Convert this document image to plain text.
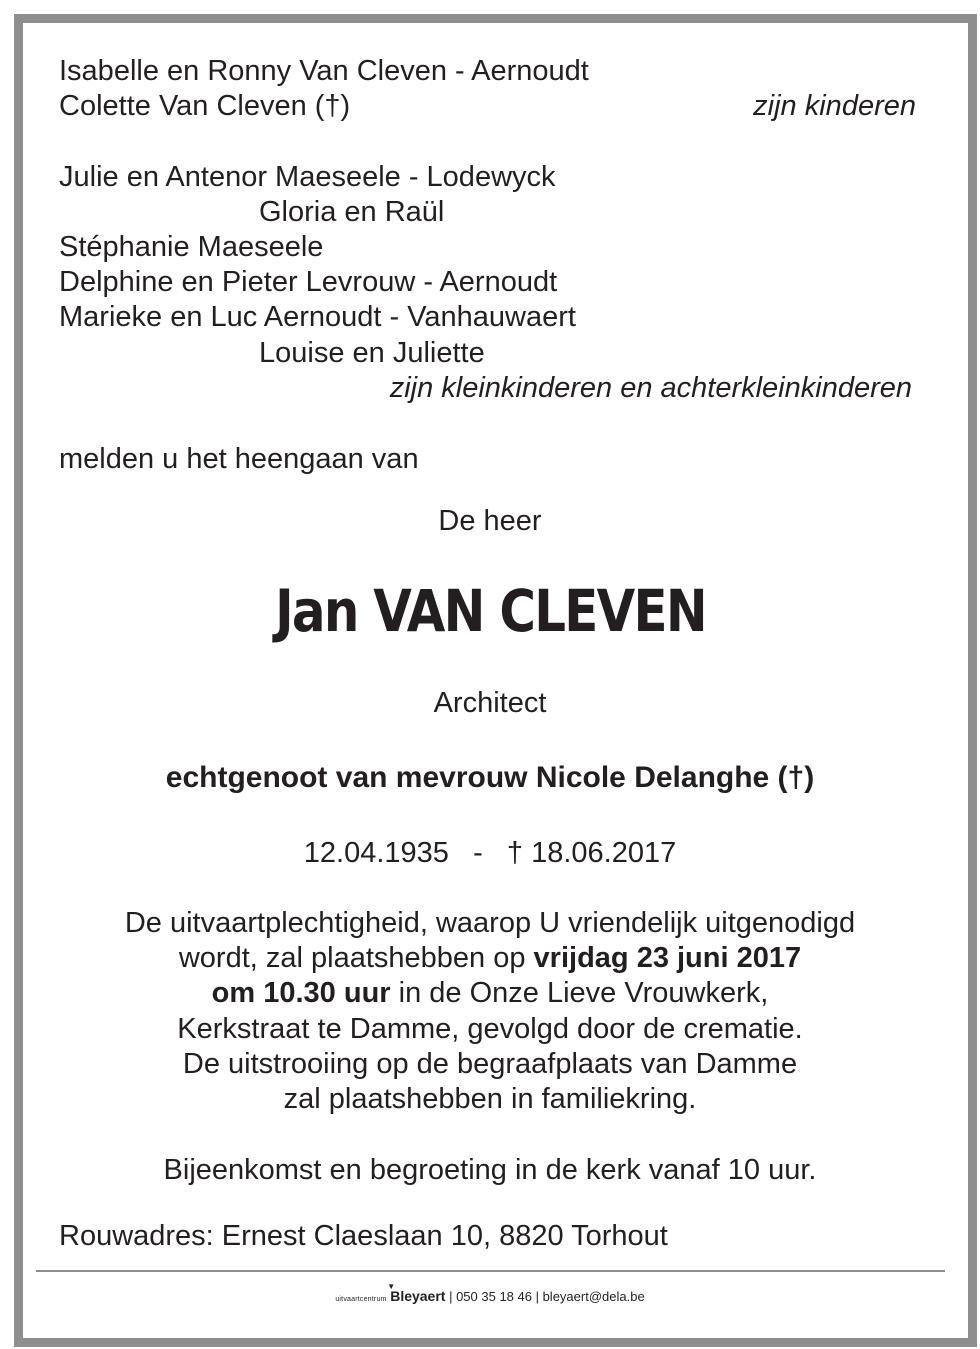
Isabelle en Ronny Van Cleven - Aernoudt
Colette Van Cleven (†)	zijn kinderen
Julie en Antenor Maeseele - Lodewyck
Gloria en Raül
Stéphanie Maeseele
Delphine en Pieter Levrouw - Aernoudt
Marieke en Luc Aernoudt - Vanhauwaert
Louise en Juliette
zijn kleinkinderen en achterkleinkinderen
melden u het heengaan van
De heer
Jan VAN CLEVEN
Architect
echtgenoot van mevrouw Nicole Delanghe (†)
12.04.1935   -   † 18.06.2017
De uitvaartplechtigheid, waarop U vriendelijk uitgenodigd
wordt, zal plaatshebben op vrijdag 23 juni 2017
om 10.30 uur in de Onze Lieve Vrouwkerk,
Kerkstraat te Damme, gevolgd door de crematie.
De uitstrooiing op de begraafplaats van Damme
zal plaatshebben in familiekring.
Bijeenkomst en begroeting in de kerk vanaf 10 uur.
Rouwadres: Ernest Claeslaan 10, 8820 Torhout
uitvaartcentrum
▼
Bleyaert | 050 35 18 46 | bleyaert@dela.be
